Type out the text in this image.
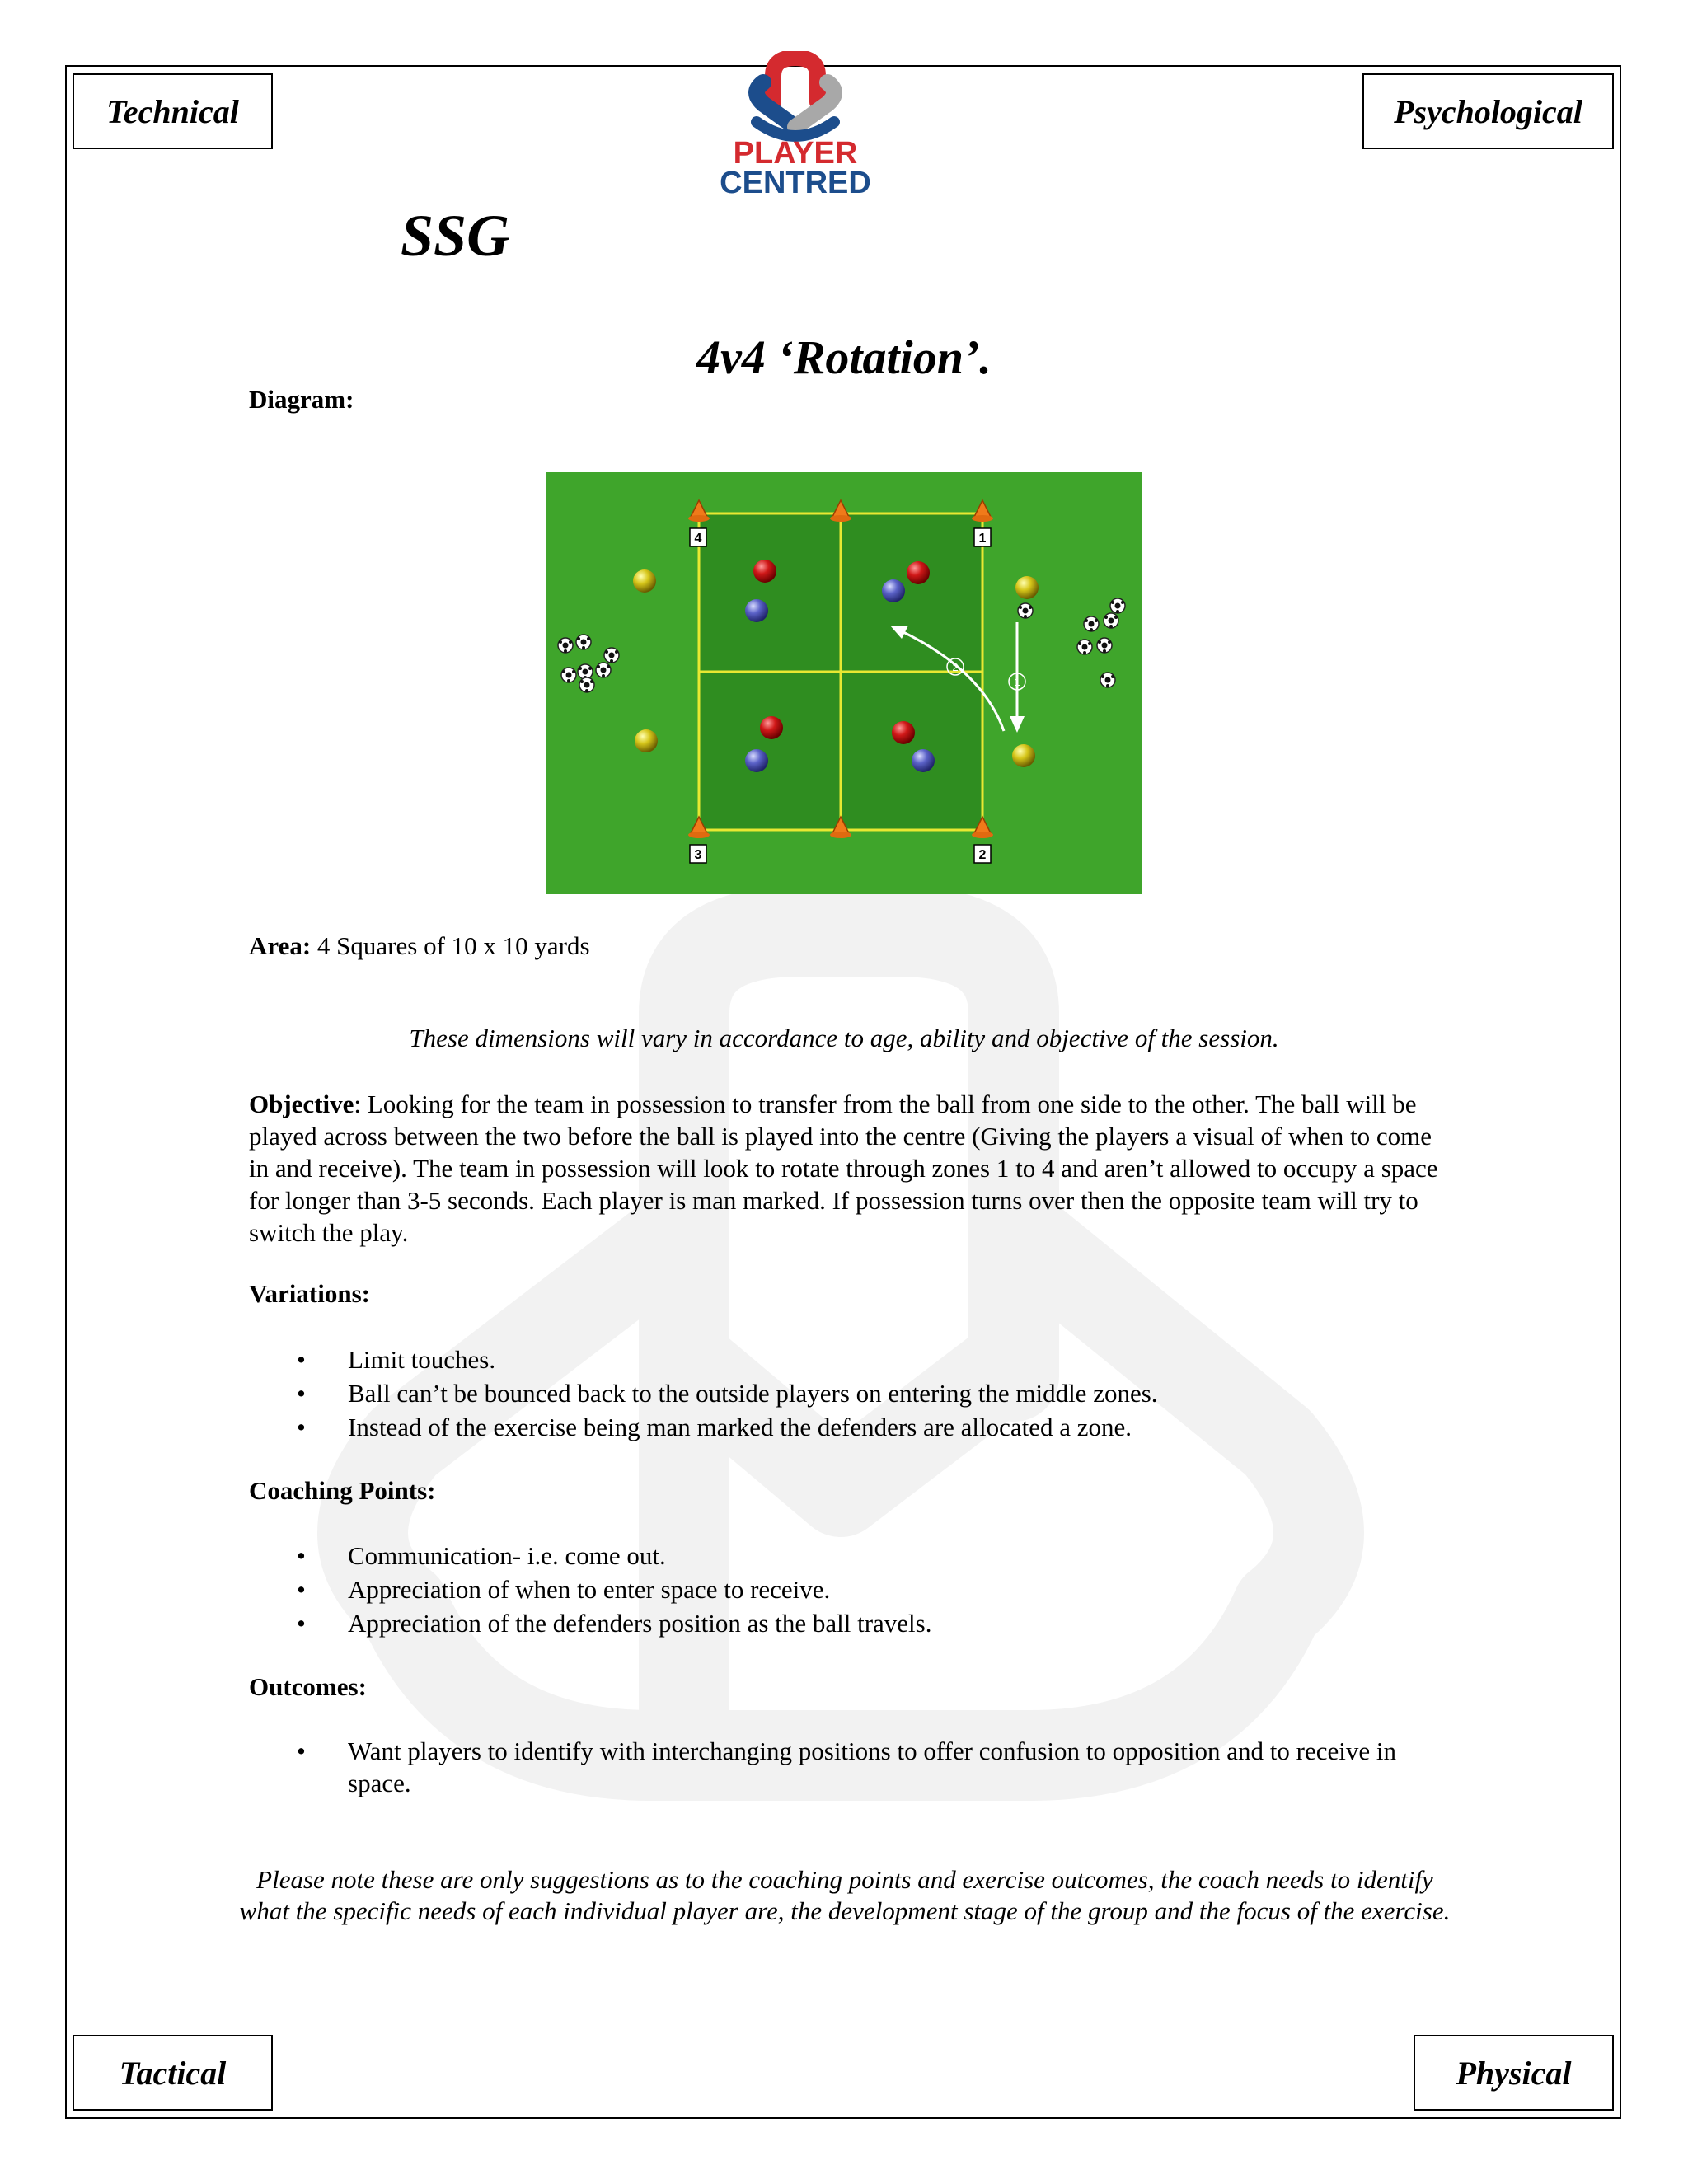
Technical	Psychological
Tactical	Physical
PLAYER
CENTRED
SSG
4v4 ‘Rotation’.
Diagram:
4	1
3	2
2
1
Area: 4 Squares of 10 x 10 yards
These dimensions will vary in accordance to age, ability and objective of the session.
Objective: Looking for the team in possession to transfer from the ball from one side to the other. The ball will be played across between the two before the ball is played into the centre (Giving the players a visual of when to come in and receive). The team in possession will look to rotate through zones 1 to 4 and aren’t allowed to occupy a space for longer than 3-5 seconds. Each player is man marked. If possession turns over then the opposite team will try to switch the play.
Variations:
• Limit touches.
• Ball can’t be bounced back to the outside players on entering the middle zones.
• Instead of the exercise being man marked the defenders are allocated a zone.
Coaching Points:
• Communication- i.e. come out.
• Appreciation of when to enter space to receive.
• Appreciation of the defenders position as the ball travels.
Outcomes:
• Want players to identify with interchanging positions to offer confusion to opposition and to receive in space.
Please note these are only suggestions as to the coaching points and exercise outcomes, the coach needs to identify what the specific needs of each individual player are, the development stage of the group and the focus of the exercise.
